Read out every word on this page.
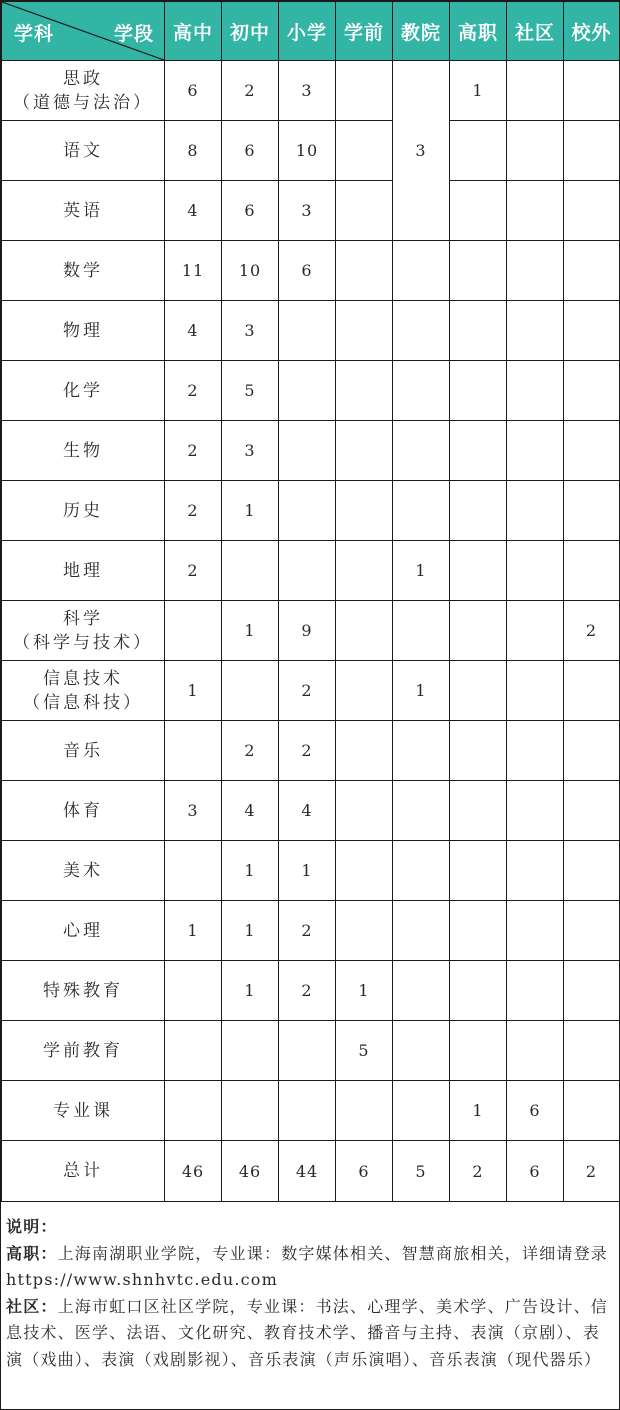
学科 学段	高中	初中	小学	学前	教院	高职	社区	校外

思政
（道德与法治）	6	2	3		3	1		

语文	8	6	10					

英语	4	6	3					

数学	11	10	6					

物理	4	3						

化学	2	5						

生物	2	3						

历史	2	1						

地理	2				1			

科学
（科学与技术）		1	9					2

信息技术
（信息科技）	1		2		1			

音乐		2	2					

体育	3	4	4					

美术		1	1					

心理	1	1	2					

特殊教育		1	2	1				

学前教育				5				

专业课						1	6	
总计	46	46	44	6	5	2	6	2

说明：

高职：上海南湖职业学院，专业课：数字媒体相关、智慧商旅相关，详细请登录https://www.shnhvtc.edu.com

社区：上海市虹口区社区学院，专业课：书法、心理学、美术学、广告设计、信息技术、医学、法语、文化研究、教育技术学、播音与主持、表演（京剧）、表演（戏曲）、表演（戏剧影视）、音乐表演（声乐演唱）、音乐表演（现代器乐）
